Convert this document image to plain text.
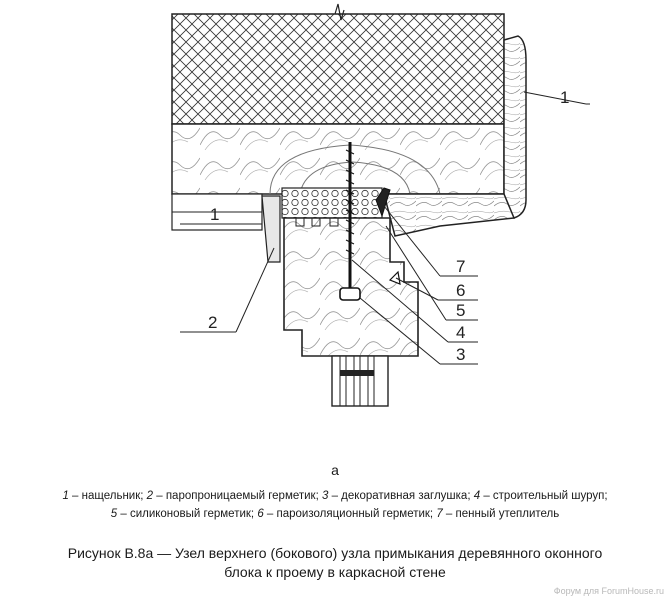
1
1
2
7
6
5
4
3
а
1 – нащельник; 2 – паропроницаемый герметик; 3 – декоративная заглушка; 4 – строительный шуруп;
5 – силиконовый герметик; 6 – пароизоляционный герметик; 7 – пенный утеплитель
Рисунок В.8а — Узел верхнего (бокового) узла примыкания деревянного оконного
блока к проему в каркасной стене
Форум для ForumHouse.ru
